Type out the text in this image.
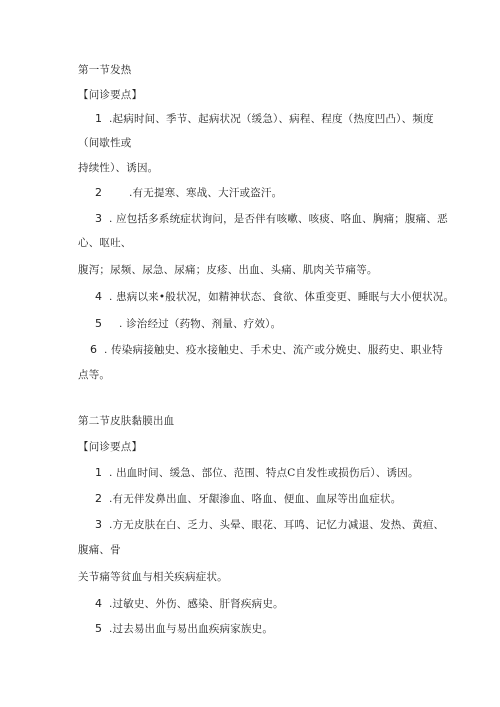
第一节发热
【问诊要点】
1 .起病时间、季节、起病状况（缓急）、病程、程度（热度凹凸）、频度
（间歇性或
持续性）、诱因。
2	.有无提寒、寒战、大汗或盗汗。
3 . 应包括多系统症状询问，是否伴有咳嗽、咳痰、咯血、胸痛；腹痛、恶
心、呕吐、
腹泻；尿频、尿急、尿痛；皮疹、出血、头痛、肌肉关节痛等。
4 . 患病以来•般状况，如精神状态、食欲、体重变更、睡眠与大小便状况。
5 . 诊治经过（药物、剂量、疗效）。
6 . 传染病接触史、疫水接触史、手术史、流产或分娩史、服药史、职业特
点等。
第二节皮肤黏膜出血
【问诊要点】
1 . 出血时间、缓急、部位、范围、特点C自发性或损伤后）、诱因。
2 .有无伴发鼻出血、牙龈渗血、咯血、便血、血尿等出血症状。
3 .方无皮肤在白、乏力、头晕、眼花、耳鸣、记忆力减退、发热、黄疸、
腹痛、骨
关节痛等贫血与相关疾病症状。
4 .过敏史、外伤、感染、肝肾疾病史。
5 .过去易出血与易出血疾病家族史。
